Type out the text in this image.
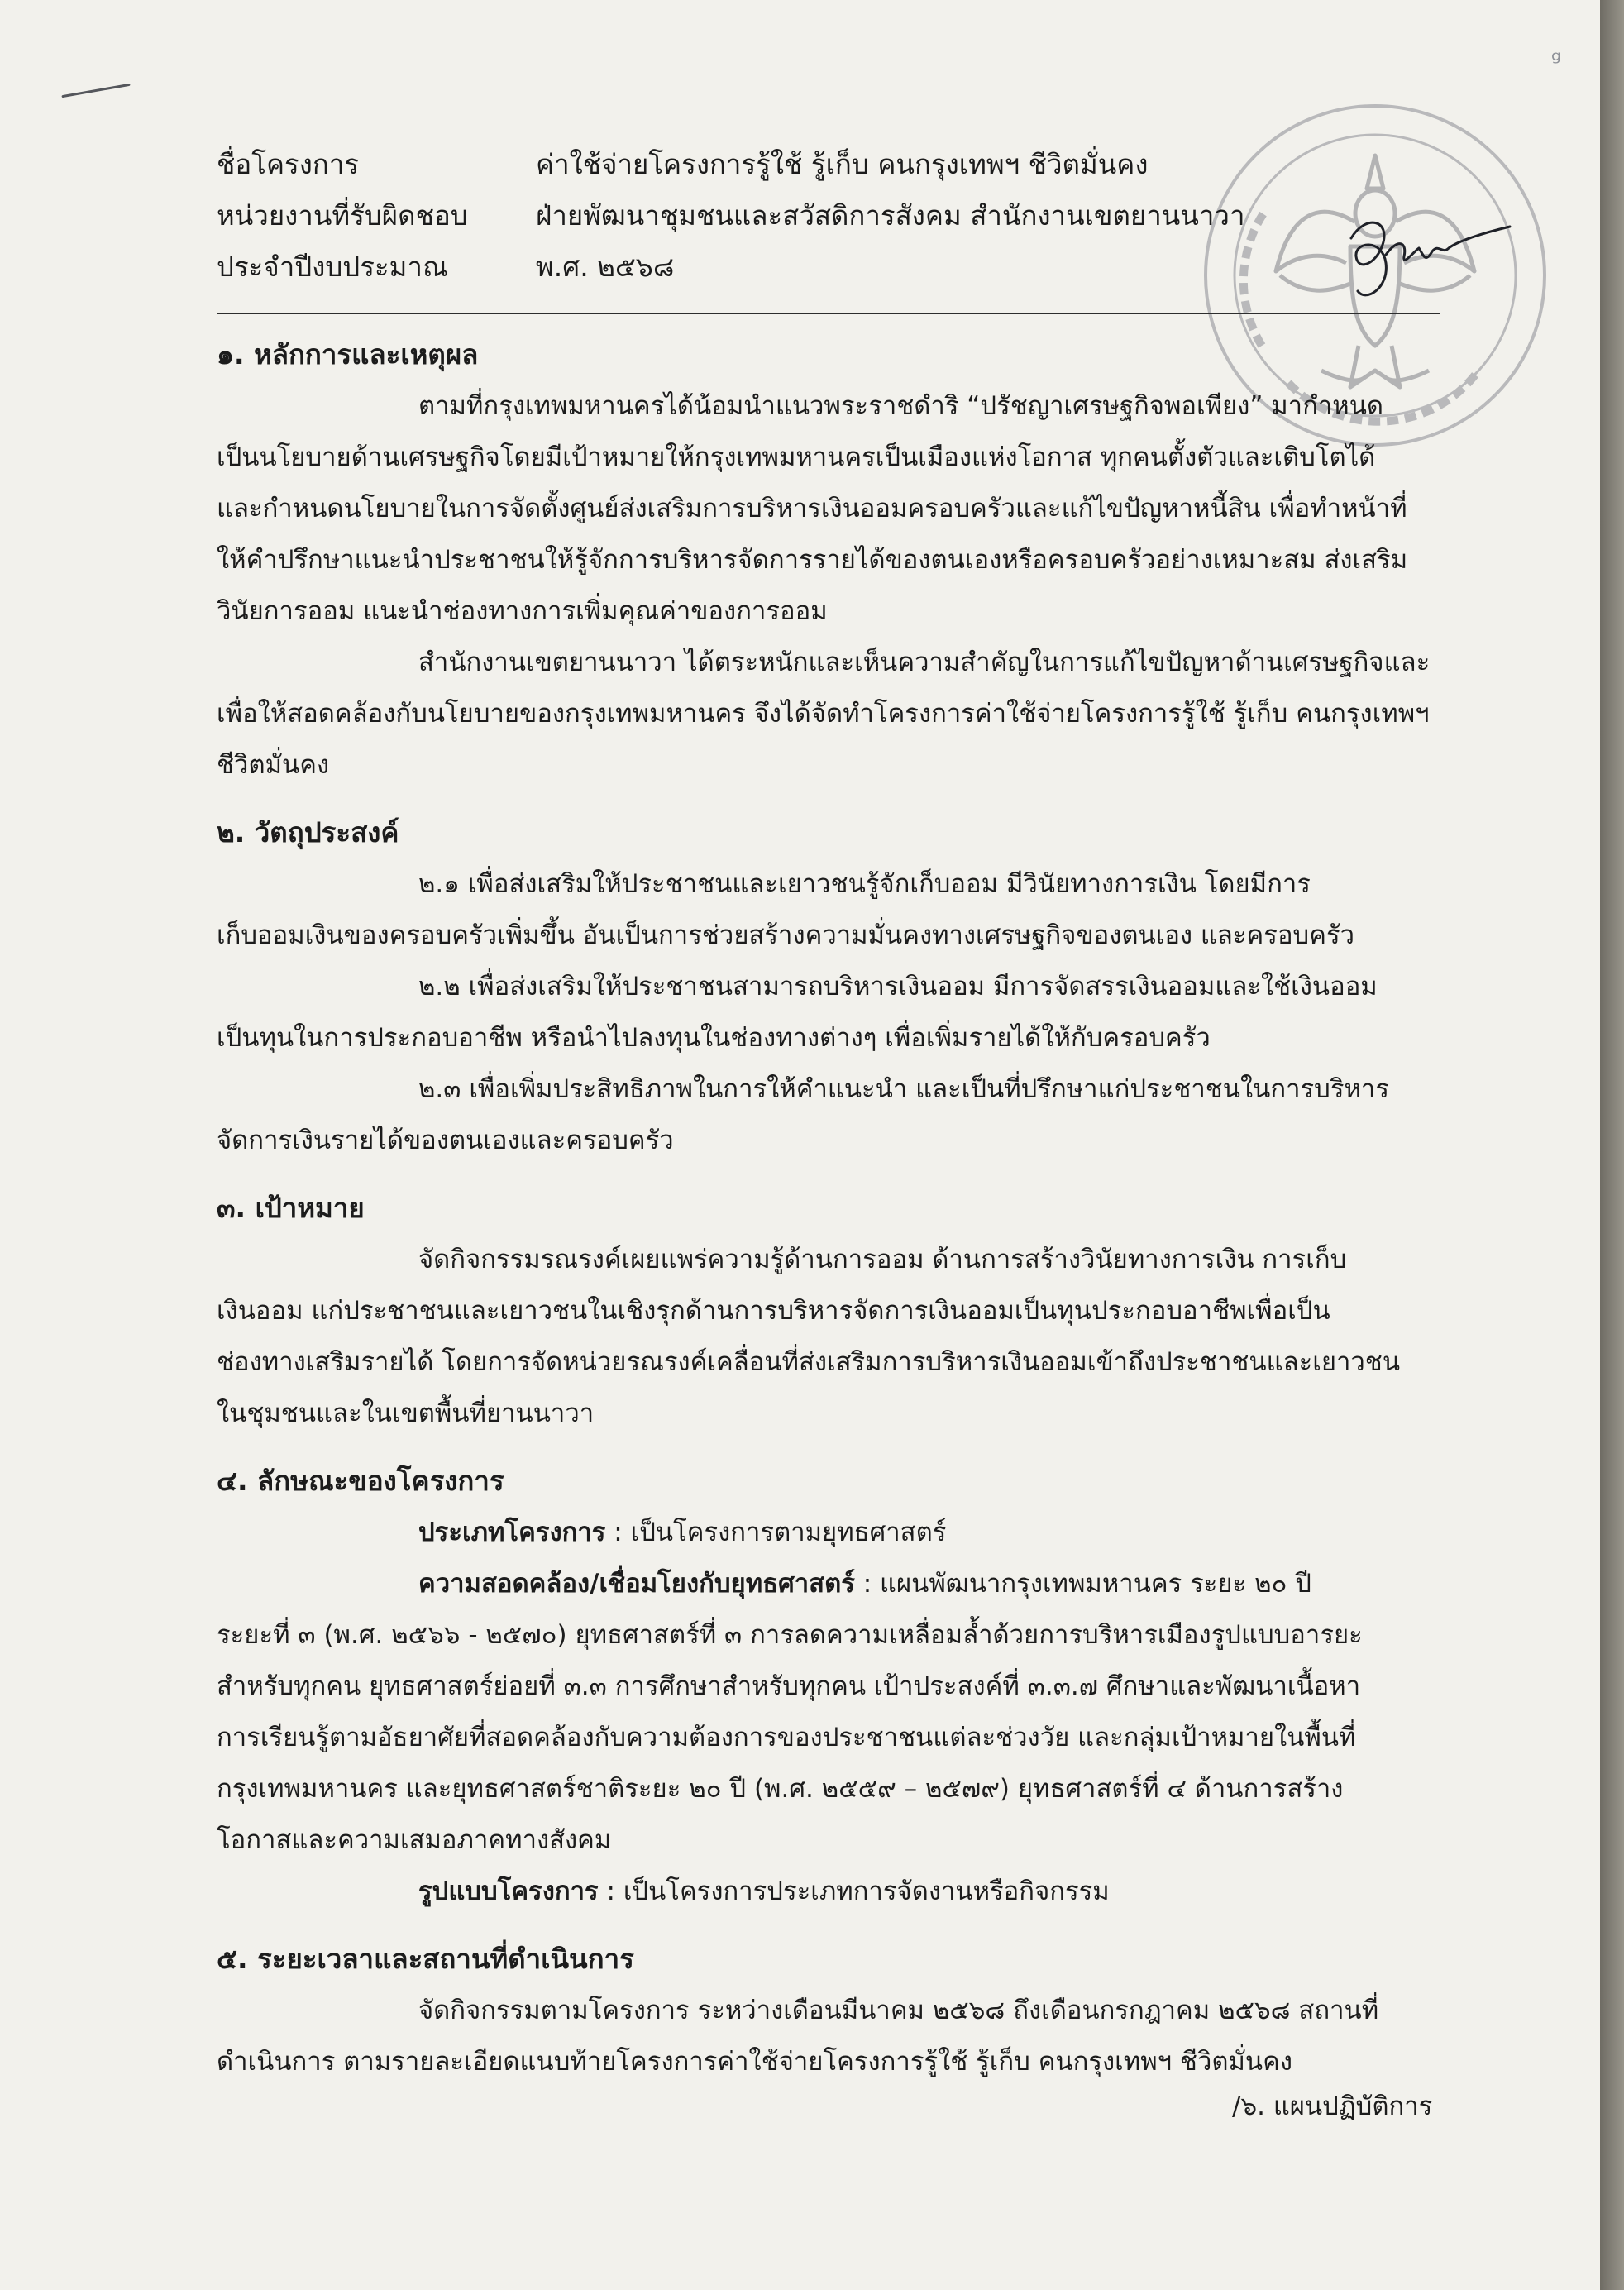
ᵍ
ชื่อโครงการ	ค่าใช้จ่ายโครงการรู้ใช้ รู้เก็บ คนกรุงเทพฯ ชีวิตมั่นคง
หน่วยงานที่รับผิดชอบ ฝ่ายพัฒนาชุมชนและสวัสดิการสังคม สำนักงานเขตยานนาวา
ประจำปีงบประมาณ	พ.ศ. ๒๕๖๘
๑. หลักการและเหตุผล
ตามที่กรุงเทพมหานครได้น้อมนำแนวพระราชดำริ “ปรัชญาเศรษฐกิจพอเพียง” มากำหนด
เป็นนโยบายด้านเศรษฐกิจโดยมีเป้าหมายให้กรุงเทพมหานครเป็นเมืองแห่งโอกาส ทุกคนตั้งตัวและเติบโตได้
และกำหนดนโยบายในการจัดตั้งศูนย์ส่งเสริมการบริหารเงินออมครอบครัวและแก้ไขปัญหาหนี้สิน เพื่อทำหน้าที่
ให้คำปรึกษาแนะนำประชาชนให้รู้จักการบริหารจัดการรายได้ของตนเองหรือครอบครัวอย่างเหมาะสม ส่งเสริม
วินัยการออม แนะนำช่องทางการเพิ่มคุณค่าของการออม
สำนักงานเขตยานนาวา ได้ตระหนักและเห็นความสำคัญในการแก้ไขปัญหาด้านเศรษฐกิจและ
เพื่อให้สอดคล้องกับนโยบายของกรุงเทพมหานคร จึงได้จัดทำโครงการค่าใช้จ่ายโครงการรู้ใช้ รู้เก็บ คนกรุงเทพฯ
ชีวิตมั่นคง
๒. วัตถุประสงค์
๒.๑ เพื่อส่งเสริมให้ประชาชนและเยาวชนรู้จักเก็บออม มีวินัยทางการเงิน โดยมีการ
เก็บออมเงินของครอบครัวเพิ่มขึ้น อันเป็นการช่วยสร้างความมั่นคงทางเศรษฐกิจของตนเอง และครอบครัว
๒.๒ เพื่อส่งเสริมให้ประชาชนสามารถบริหารเงินออม มีการจัดสรรเงินออมและใช้เงินออม
เป็นทุนในการประกอบอาชีพ หรือนำไปลงทุนในช่องทางต่างๆ เพื่อเพิ่มรายได้ให้กับครอบครัว
๒.๓ เพื่อเพิ่มประสิทธิภาพในการให้คำแนะนำ และเป็นที่ปรึกษาแก่ประชาชนในการบริหาร
จัดการเงินรายได้ของตนเองและครอบครัว
๓. เป้าหมาย
จัดกิจกรรมรณรงค์เผยแพร่ความรู้ด้านการออม ด้านการสร้างวินัยทางการเงิน การเก็บ
เงินออม แก่ประชาชนและเยาวชนในเชิงรุกด้านการบริหารจัดการเงินออมเป็นทุนประกอบอาชีพเพื่อเป็น
ช่องทางเสริมรายได้ โดยการจัดหน่วยรณรงค์เคลื่อนที่ส่งเสริมการบริหารเงินออมเข้าถึงประชาชนและเยาวชน
ในชุมชนและในเขตพื้นที่ยานนาวา
๔. ลักษณะของโครงการ
ประเภทโครงการ : เป็นโครงการตามยุทธศาสตร์
ความสอดคล้อง/เชื่อมโยงกับยุทธศาสตร์ : แผนพัฒนากรุงเทพมหานคร ระยะ ๒๐ ปี
ระยะที่ ๓ (พ.ศ. ๒๕๖๖ - ๒๕๗๐) ยุทธศาสตร์ที่ ๓ การลดความเหลื่อมล้ำด้วยการบริหารเมืองรูปแบบอารยะ
สำหรับทุกคน ยุทธศาสตร์ย่อยที่ ๓.๓ การศึกษาสำหรับทุกคน เป้าประสงค์ที่ ๓.๓.๗ ศึกษาและพัฒนาเนื้อหา
การเรียนรู้ตามอัธยาศัยที่สอดคล้องกับความต้องการของประชาชนแต่ละช่วงวัย และกลุ่มเป้าหมายในพื้นที่
กรุงเทพมหานคร และยุทธศาสตร์ชาติระยะ ๒๐ ปี (พ.ศ. ๒๕๕๙ – ๒๕๗๙) ยุทธศาสตร์ที่ ๔ ด้านการสร้าง
โอกาสและความเสมอภาคทางสังคม
รูปแบบโครงการ : เป็นโครงการประเภทการจัดงานหรือกิจกรรม
๕. ระยะเวลาและสถานที่ดำเนินการ
จัดกิจกรรมตามโครงการ ระหว่างเดือนมีนาคม ๒๕๖๘ ถึงเดือนกรกฎาคม ๒๕๖๘ สถานที่
ดำเนินการ ตามรายละเอียดแนบท้ายโครงการค่าใช้จ่ายโครงการรู้ใช้ รู้เก็บ คนกรุงเทพฯ ชีวิตมั่นคง
/๖. แผนปฏิบัติการ
